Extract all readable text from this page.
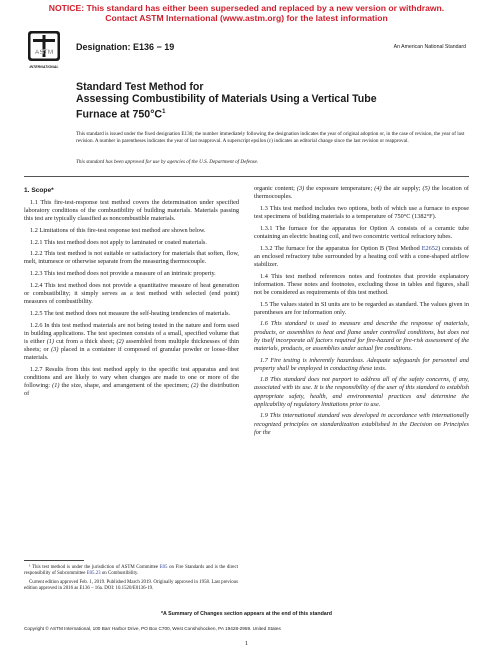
NOTICE: This standard has either been superseded and replaced by a new version or withdrawn.
Contact ASTM International (www.astm.org) for the latest information
ASTM
INTERNATIONAL
Designation: E136 − 19	An American National Standard
Standard Test Method for
Assessing Combustibility of Materials Using a Vertical Tube
Furnace at $750^\circ C^1$
This standard is issued under the fixed designation E136; the number immediately following the designation indicates the year of original adoption or, in the case of revision, the year of last revision. A number in parentheses indicates the year of last reapproval. A superscript epsilon (ε) indicates an editorial change since the last revision or reapproval.
This standard has been approved for use by agencies of the U.S. Department of Defense.

1. Scope*

1.1 This fire-test-response test method covers the determination under specified laboratory conditions of the combustibility of building materials. Materials passing this test are typically classified as noncombustible materials.

1.2 Limitations of this fire-test response test method are shown below.

1.2.1 This test method does not apply to laminated or coated materials.

1.2.2 This test method is not suitable or satisfactory for materials that soften, flow, melt, intumesce or otherwise separate from the measuring thermocouple.

1.2.3 This test method does not provide a measure of an intrinsic property.

1.2.4 This test method does not provide a quantitative measure of heat generation or combustibility; it simply serves as a test method with selected (end point) measures of combustibility.

1.2.5 The test method does not measure the self-heating tendencies of materials.

1.2.6 In this test method materials are not being tested in the nature and form used in building applications. The test specimen consists of a small, specified volume that is either (1) cut from a thick sheet; (2) assembled from multiple thicknesses of thin sheets; or (3) placed in a container if composed of granular powder or loose-fiber materials.

1.2.7 Results from this test method apply to the specific test apparatus and test conditions and are likely to vary when changes are made to one or more of the following: (1) the size, shape, and arrangement of the specimen; (2) the distribution of

organic content; (3) the exposure temperature; (4) the air supply; (5) the location of thermocouples.

1.3 This test method includes two options, both of which use a furnace to expose test specimens of building materials to a temperature of 750°C (1382°F).

1.3.1 The furnace for the apparatus for Option A consists of a ceramic tube containing an electric heating coil, and two concentric vertical refractory tubes.

1.3.2 The furnace for the apparatus for Option B (Test Method E2652) consists of an enclosed refractory tube surrounded by a heating coil with a cone-shaped airflow stabilizer.

1.4 This test method references notes and footnotes that provide explanatory information. These notes and footnotes, excluding those in tables and figures, shall not be considered as requirements of this test method.

1.5 The values stated in SI units are to be regarded as standard. The values given in parentheses are for information only.

1.6 This standard is used to measure and describe the response of materials, products, or assemblies to heat and flame under controlled conditions, but does not by itself incorporate all factors required for fire-hazard or fire-risk assessment of the materials, products, or assemblies under actual fire conditions.

1.7 Fire testing is inherently hazardous. Adequate safeguards for personnel and property shall be employed in conducting these tests.

1.8 This standard does not purport to address all of the safety concerns, if any, associated with its use. It is the responsibility of the user of this standard to establish appropriate safety, health, and environmental practices and determine the applicability of regulatory limitations prior to use.

1.9 This international standard was developed in accordance with internationally recognized principles on standardization established in the Decision on Principles for the

¹ This test method is under the jurisdiction of ASTM Committee E05 on Fire Standards and is the direct responsibility of Subcommittee E05.23 on Combustibility.

Current edition approved Feb. 1, 2019. Published March 2019. Originally approved in 1958. Last previous edition approved in 2016 as E136 – 16a. DOI: 10.1520/E0136-19.

*A Summary of Changes section appears at the end of this standard
Copyright © ASTM International, 100 Barr Harbor Drive, PO Box C700, West Conshohocken, PA 19428-2959. United States
1
